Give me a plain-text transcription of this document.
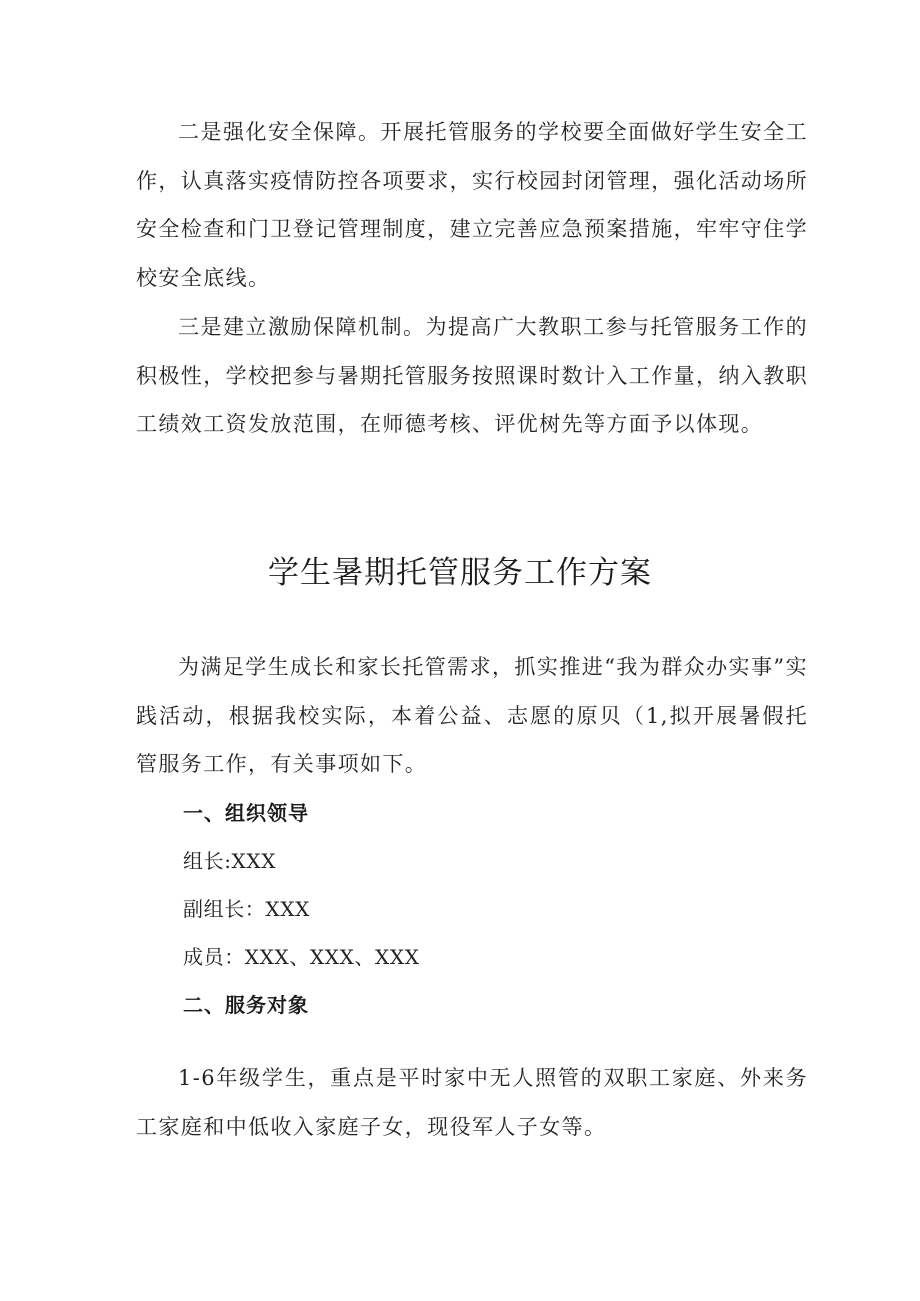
二是强化安全保障。开展托管服务的学校要全面做好学生安全工作，认真落实疫情防控各项要求，实行校园封闭管理，强化活动场所安全检查和门卫登记管理制度，建立完善应急预案措施，牢牢守住学校安全底线。

三是建立激励保障机制。为提高广大教职工参与托管服务工作的积极性，学校把参与暑期托管服务按照课时数计入工作量，纳入教职工绩效工资发放范围，在师德考核、评优树先等方面予以体现。

学生暑期托管服务工作方案

为满足学生成长和家长托管需求，抓实推进“我为群众办实事”实践活动，根据我校实际，本着公益、志愿的原贝（1,拟开展暑假托管服务工作，有关事项如下。

一、组织领导

组长:XXX

副组长：XXX

成员：XXX、XXX、XXX

二、服务对象

1-6年级学生，重点是平时家中无人照管的双职工家庭、外来务工家庭和中低收入家庭子女，现役军人子女等。
